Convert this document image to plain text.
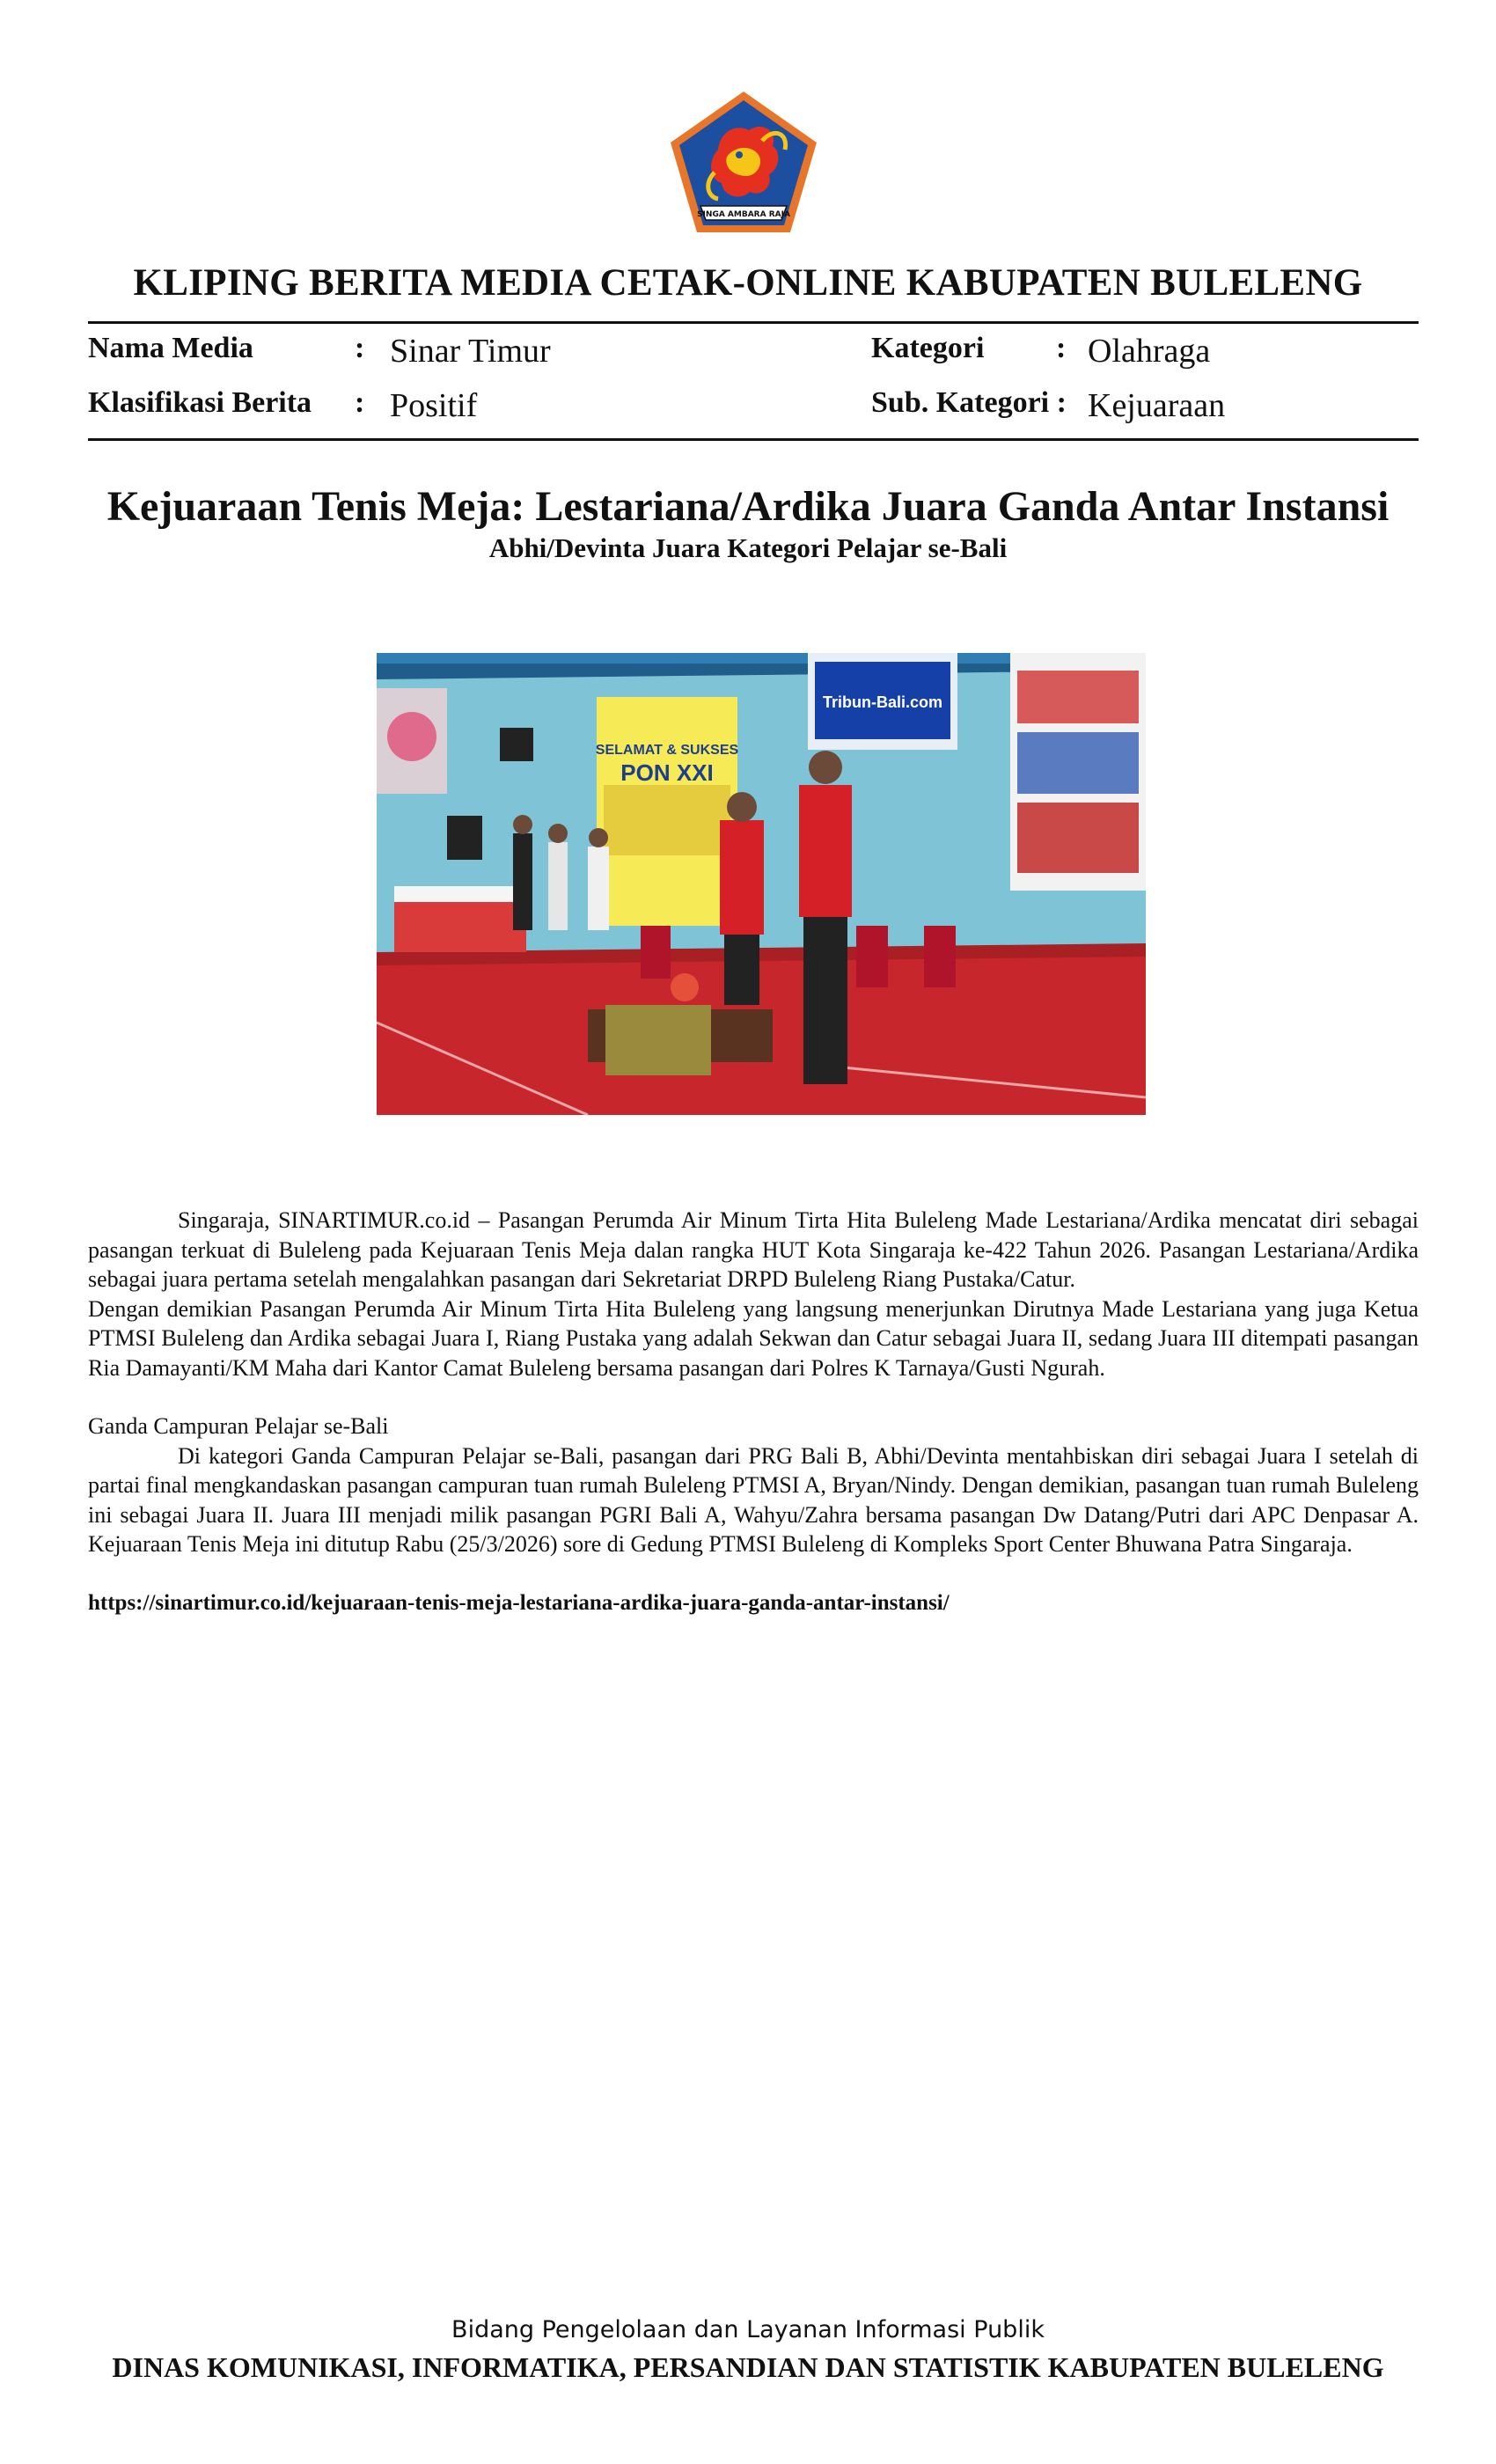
SINGA AMBARA RAJA
KLIPING BERITA MEDIA CETAK-ONLINE KABUPATEN BULELENG
Nama Media	: Sinar Timur	Kategori : Olahraga
Klasifikasi Berita : Positif	Sub. Kategori : Kejuaraan
Kejuaraan Tenis Meja: Lestariana/Ardika Juara Ganda Antar Instansi
Abhi/Devinta Juara Kategori Pelajar se-Bali
SELAMAT & SUKSES
PON XXI
Tribun-Bali.com

Singaraja, SINARTIMUR.co.id – Pasangan Perumda Air Minum Tirta Hita Buleleng Made Lestariana/Ardika mencatat diri sebagai pasangan terkuat di Buleleng pada Kejuaraan Tenis Meja dalan rangka HUT Kota Singaraja ke-422 Tahun 2026. Pasangan Lestariana/Ardika sebagai juara pertama setelah mengalahkan pasangan dari Sekretariat DRPD Buleleng Riang Pustaka/Catur.

Dengan demikian Pasangan Perumda Air Minum Tirta Hita Buleleng yang langsung menerjunkan Dirutnya Made Lestariana yang juga Ketua PTMSI Buleleng dan Ardika sebagai Juara I, Riang Pustaka yang adalah Sekwan dan Catur sebagai Juara II, sedang Juara III ditempati pasangan Ria Damayanti/KM Maha dari Kantor Camat Buleleng bersama pasangan dari Polres K Tarnaya/Gusti Ngurah.

Ganda Campuran Pelajar se-Bali

Di kategori Ganda Campuran Pelajar se-Bali, pasangan dari PRG Bali B, Abhi/Devinta mentahbiskan diri sebagai Juara I setelah di partai final mengkandaskan pasangan campuran tuan rumah Buleleng PTMSI A, Bryan/Nindy. Dengan demikian, pasangan tuan rumah Buleleng ini sebagai Juara II. Juara III menjadi milik pasangan PGRI Bali A, Wahyu/Zahra bersama pasangan Dw Datang/Putri dari APC Denpasar A. Kejuaraan Tenis Meja ini ditutup Rabu (25/3/2026) sore di Gedung PTMSI Buleleng di Kompleks Sport Center Bhuwana Patra Singaraja.

https://sinartimur.co.id/kejuaraan-tenis-meja-lestariana-ardika-juara-ganda-antar-instansi/

Bidang Pengelolaan dan Layanan Informasi Publik
DINAS KOMUNIKASI, INFORMATIKA, PERSANDIAN DAN STATISTIK KABUPATEN BULELENG
